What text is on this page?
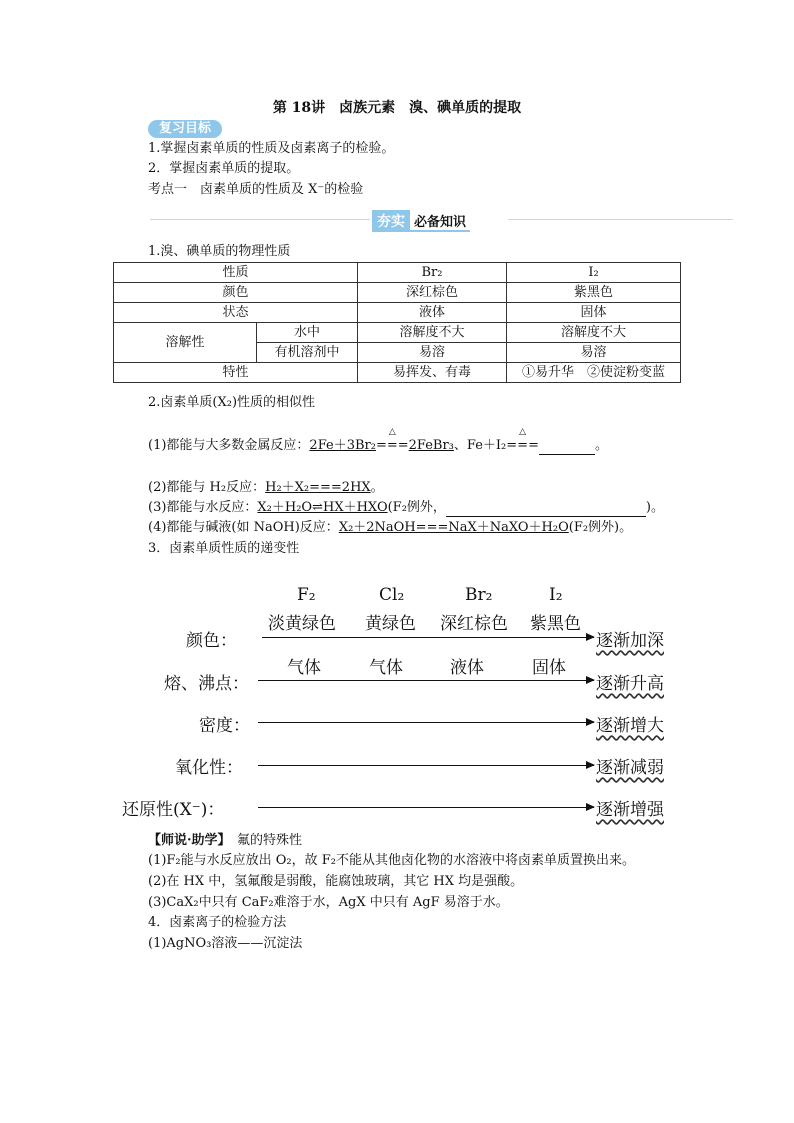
第 18讲　卤族元素　溴、碘单质的提取
复习目标
1.掌握卤素单质的性质及卤素离子的检验。
2．掌握卤素单质的提取。
考点一　卤素单质的性质及 X⁻的检验
夯实 必备知识
1.溴、碘单质的物理性质
性质		Br₂	I₂
颜色		深红棕色	紫黑色
状态		液体	固体
溶解性	水中	溶解度不大	溶解度不大
	有机溶剂中	易溶	易溶
特性		易挥发、有毒	①易升华　 ②使淀粉变蓝
2.卤素单质(X₂)性质的相似性
(1)都能与大多数金属反应：2Fe＋3Br₂
△
===2FeBr₃、Fe＋I₂
△
===	。
(2)都能与 H₂反应：H₂＋X₂===2HX。
(3)都能与水反应：X₂＋H₂O⇌HX＋HXO(F₂例外，	)。
(4)都能与碱液(如 NaOH)反应：X₂＋2NaOH===NaX＋NaXO＋H₂O(F₂例外)。
3．卤素单质性质的递变性
F₂	Cl₂	Br₂	I₂
淡黄绿色 黄绿色 深红棕色 紫黑色
气体	气体	液体	固体
颜色：	逐渐加深
熔、沸点：	逐渐升高
密度：	逐渐增大
氧化性：	逐渐减弱
还原性(X⁻)：	逐渐增强
【师说·助学】　 氟的特殊性
(1)F₂能与水反应放出 O₂，故 F₂不能从其他卤化物的水溶液中将卤素单质置换出来。
(2)在 HX 中，氢氟酸是弱酸，能腐蚀玻璃，其它 HX 均是强酸。
(3)CaX₂中只有 CaF₂难溶于水，AgX 中只有 AgF 易溶于水。
4．卤素离子的检验方法
(1)AgNO₃溶液——沉淀法
